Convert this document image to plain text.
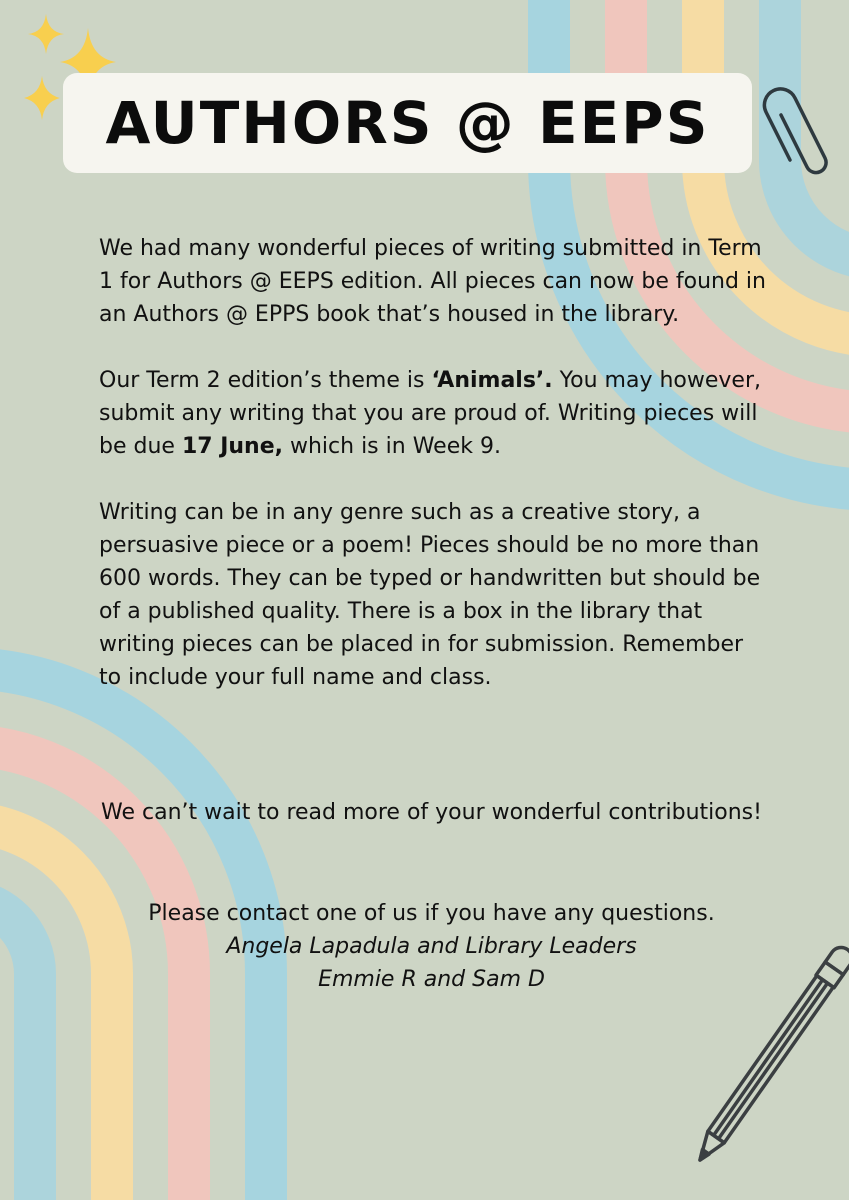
AUTHORS @ EEPS

We had many wonderful pieces of writing submitted in Term 1 for Authors @ EEPS edition. All pieces can now be found in an Authors @ EPPS book that’s housed in the library.

Our Term 2 edition’s theme is ‘Animals’. You may however, submit any writing that you are proud of. Writing pieces will be due 17 June, which is in Week 9.

Writing can be in any genre such as a creative story, a persuasive piece or a poem! Pieces should be no more than 600 words. They can be typed or handwritten but should be of a published quality. There is a box in the library that writing pieces can be placed in for submission. Remember to include your full name and class.

We can’t wait to read more of your wonderful contributions!
Please contact one of us if you have any questions.
Angela Lapadula and Library Leaders
Emmie R and Sam D
